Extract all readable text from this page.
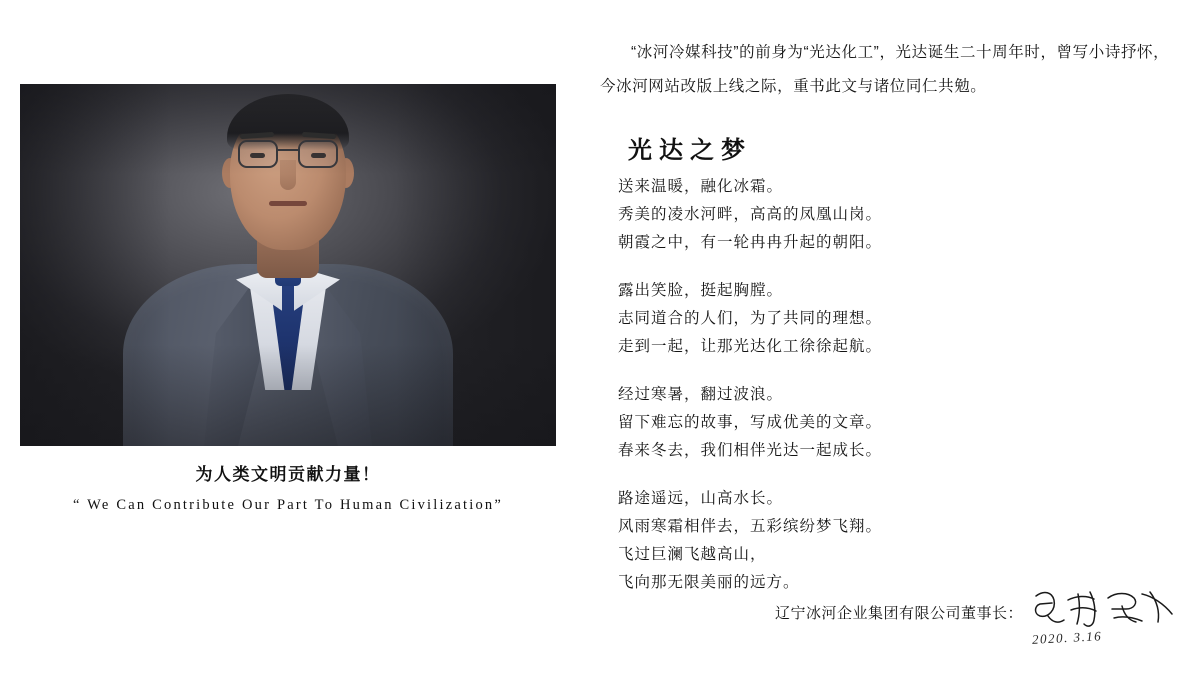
为人类文明贡献力量！

“ We Can Contribute Our Part To Human Civilization”

“冰河冷媒科技”的前身为“光达化工”，光达诞生二十周年时，曾写小诗抒怀，今冰河网站改版上线之际，重书此文与诸位同仁共勉。

光达之梦
送来温暖，融化冰霜。
秀美的凌水河畔，高高的凤凰山岗。
朝霞之中，有一轮冉冉升起的朝阳。
露出笑脸，挺起胸膛。
志同道合的人们，为了共同的理想。
走到一起，让那光达化工徐徐起航。
经过寒暑，翻过波浪。
留下难忘的故事，写成优美的文章。
春来冬去，我们相伴光达一起成长。
路途遥远，山高水长。
风雨寒霜相伴去，五彩缤纷梦飞翔。
飞过巨澜飞越高山，
飞向那无限美丽的远方。
辽宁冰河企业集团有限公司董事长：
2020. 3.16
